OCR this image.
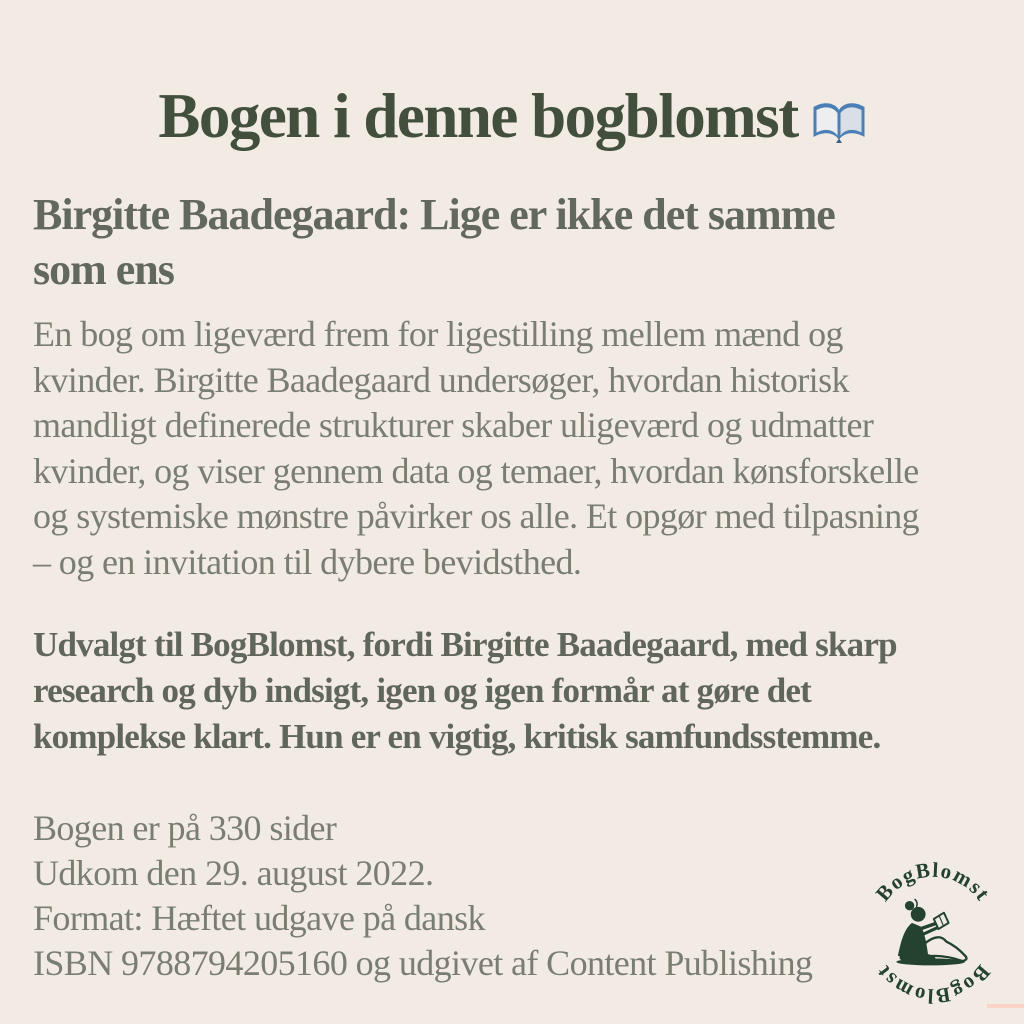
Bogen i denne bogblomst
Birgitte Baadegaard: Lige er ikke det samme
som ens
En bog om ligeværd frem for ligestilling mellem mænd og
kvinder. Birgitte Baadegaard undersøger, hvordan historisk
mandligt definerede strukturer skaber uligeværd og udmatter
kvinder, og viser gennem data og temaer, hvordan kønsforskelle
og systemiske mønstre påvirker os alle. Et opgør med tilpasning
– og en invitation til dybere bevidsthed.
Udvalgt til BogBlomst, fordi Birgitte Baadegaard, med skarp
research og dyb indsigt, igen og igen formår at gøre det
komplekse klart. Hun er en vigtig, kritisk samfundsstemme.
Bogen er på 330 sider
Udkom den 29. august 2022.
Format: Hæftet udgave på dansk
ISBN 9788794205160 og udgivet af Content Publishing
BogBlomst
BogBlomst
